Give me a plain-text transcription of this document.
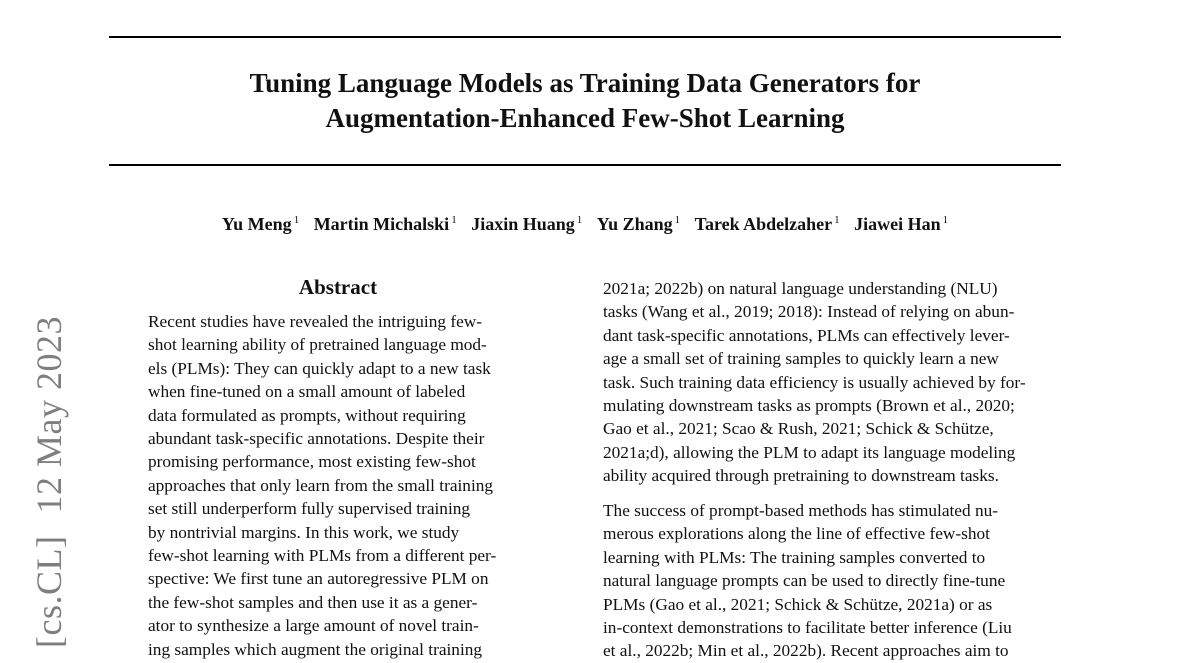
Tuning Language Models as Training Data Generators for
Augmentation-Enhanced Few-Shot Learning
Yu Meng $^1$ Martin Michalski $^1$ Jiaxin Huang $^1$ Yu Zhang $^1$ Tarek Abdelzaher $^1$ Jiawei Han $^1$
[cs.CL]12 May 2023
Abstract
Recent studies have revealed the intriguing few-
shot learning ability of pretrained language mod-
els (PLMs): They can quickly adapt to a new task
when fine-tuned on a small amount of labeled
data formulated as prompts, without requiring
abundant task-specific annotations. Despite their
promising performance, most existing few-shot
approaches that only learn from the small training
set still underperform fully supervised training
by nontrivial margins. In this work, we study
few-shot learning with PLMs from a different per-
spective: We first tune an autoregressive PLM on
the few-shot samples and then use it as a gener-
ator to synthesize a large amount of novel train-
ing samples which augment the original training
2021a; 2022b) on natural language understanding (NLU)
tasks (Wang et al., 2019; 2018): Instead of relying on abun-
dant task-specific annotations, PLMs can effectively lever-
age a small set of training samples to quickly learn a new
task. Such training data efficiency is usually achieved by for-
mulating downstream tasks as prompts (Brown et al., 2020;
Gao et al., 2021; Scao & Rush, 2021; Schick & Schütze,
2021a;d), allowing the PLM to adapt its language modeling
ability acquired through pretraining to downstream tasks.
The success of prompt-based methods has stimulated nu-
merous explorations along the line of effective few-shot
learning with PLMs: The training samples converted to
natural language prompts can be used to directly fine-tune
PLMs (Gao et al., 2021; Schick & Schütze, 2021a) or as
in-context demonstrations to facilitate better inference (Liu
et al., 2022b; Min et al., 2022b). Recent approaches aim to
